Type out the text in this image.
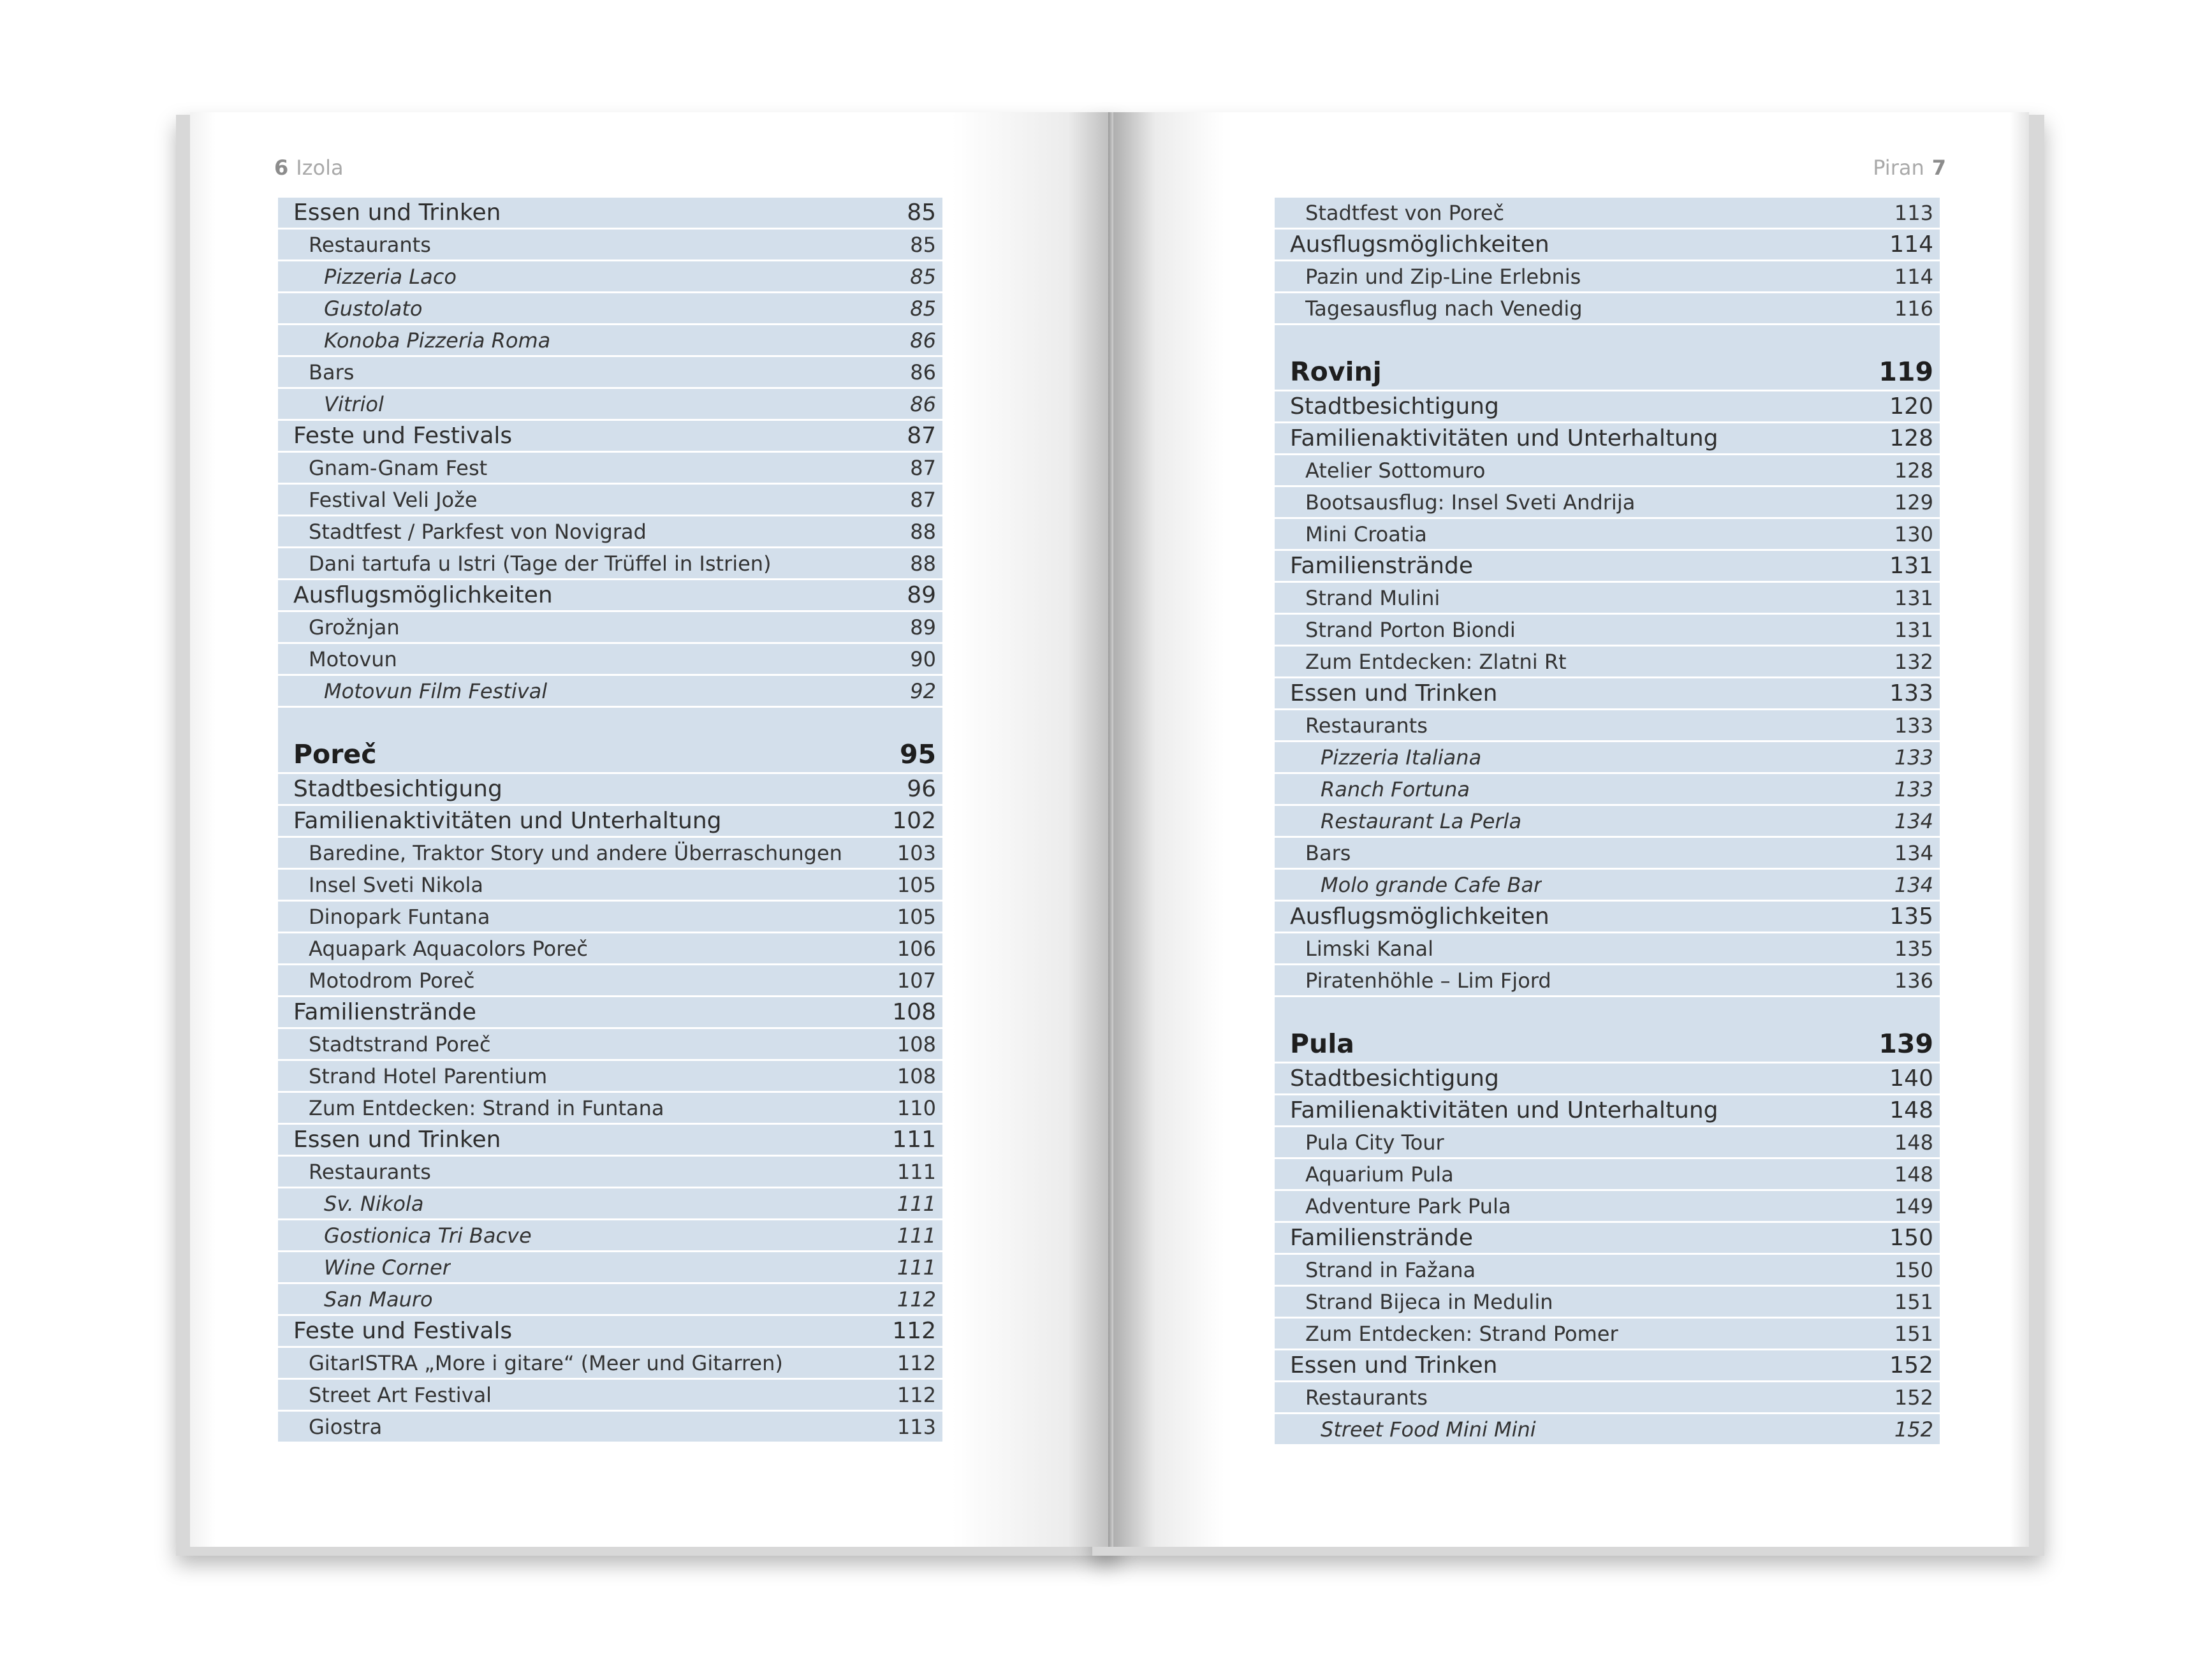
6 Izola	Piran 7
Essen und Trinken	85
Restaurants	85
Pizzeria Laco	85
Gustolato	85
Konoba Pizzeria Roma	86
Bars	86
Vitriol	86
Feste und Festivals	87
Gnam-Gnam Fest	87
Festival Veli Jože	87
Stadtfest / Parkfest von Novigrad	88
Dani tartufa u Istri (Tage der Trüffel in Istrien)	88
Ausflugsmöglichkeiten	89
Grožnjan	89
Motovun	90
Motovun Film Festival	92
Poreč	95
Stadtbesichtigung	96
Familienaktivitäten und Unterhaltung	102
Baredine, Traktor Story und andere Überraschungen	103
Insel Sveti Nikola	105
Dinopark Funtana	105
Aquapark Aquacolors Poreč	106
Motodrom Poreč	107
Familienstrände	108
Stadtstrand Poreč	108
Strand Hotel Parentium	108
Zum Entdecken: Strand in Funtana	110
Essen und Trinken	111
Restaurants	111
Sv. Nikola	111
Gostionica Tri Bacve	111
Wine Corner	111
San Mauro	112
Feste und Festivals	112
GitarISTRA „More i gitare“ (Meer und Gitarren)	112
Street Art Festival	112
Giostra	113
Stadtfest von Poreč	113
Ausflugsmöglichkeiten	114
Pazin und Zip-Line Erlebnis	114
Tagesausflug nach Venedig	116
Rovinj	119
Stadtbesichtigung	120
Familienaktivitäten und Unterhaltung	128
Atelier Sottomuro	128
Bootsausflug: Insel Sveti Andrija	129
Mini Croatia	130
Familienstrände	131
Strand Mulini	131
Strand Porton Biondi	131
Zum Entdecken: Zlatni Rt	132
Essen und Trinken	133
Restaurants	133
Pizzeria Italiana	133
Ranch Fortuna	133
Restaurant La Perla	134
Bars	134
Molo grande Cafe Bar	134
Ausflugsmöglichkeiten	135
Limski Kanal	135
Piratenhöhle – Lim Fjord	136
Pula	139
Stadtbesichtigung	140
Familienaktivitäten und Unterhaltung	148
Pula City Tour	148
Aquarium Pula	148
Adventure Park Pula	149
Familienstrände	150
Strand in Fažana	150
Strand Bijeca in Medulin	151
Zum Entdecken: Strand Pomer	151
Essen und Trinken	152
Restaurants	152
Street Food Mini Mini	152
